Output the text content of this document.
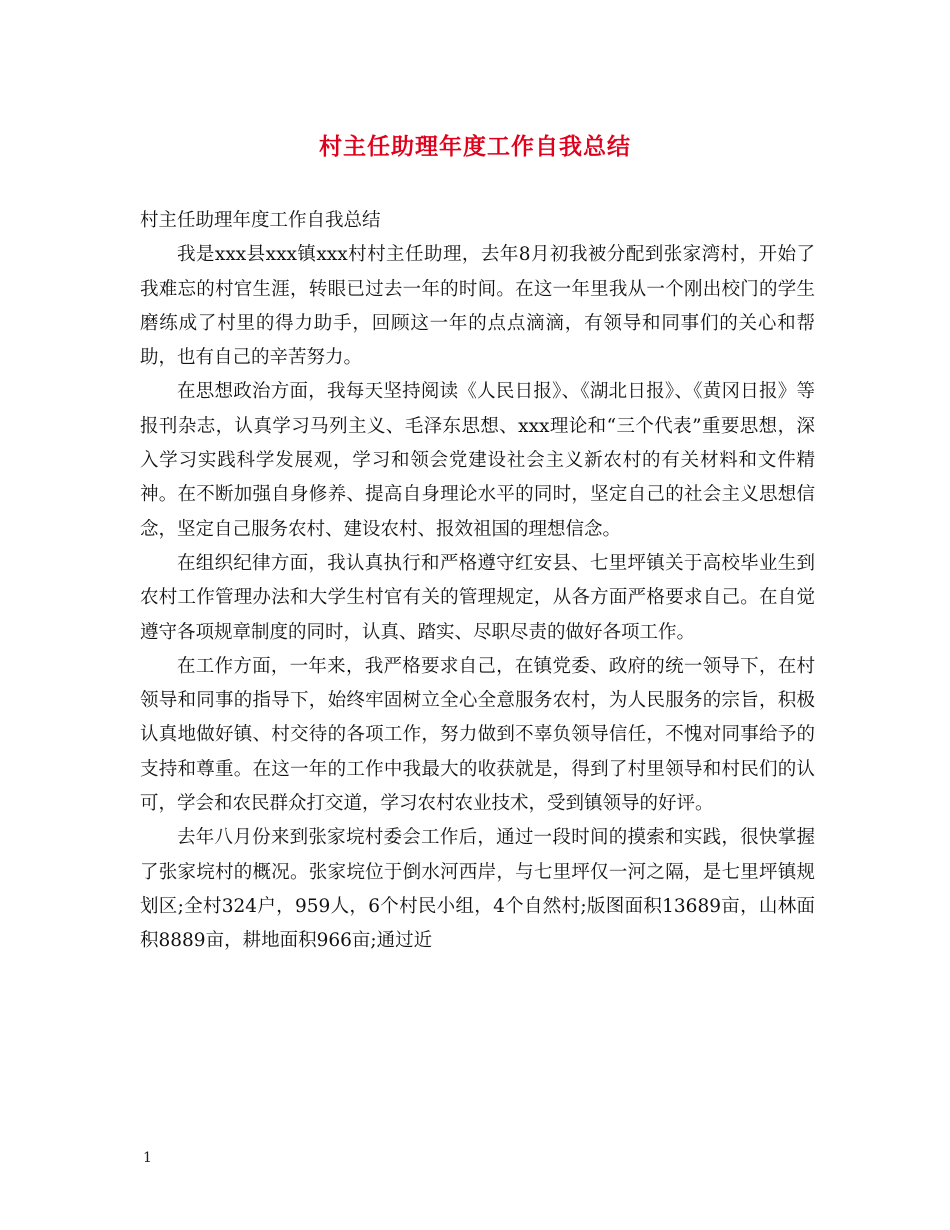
村主任助理年度工作自我总结

村主任助理年度工作自我总结

我是xxx县xxx镇xxx村村主任助理，去年8月初我被分配到张家湾村，开始了我难忘的村官生涯，转眼已过去一年的时间。在这一年里我从一个刚出校门的学生磨练成了村里的得力助手，回顾这一年的点点滴滴，有领导和同事们的关心和帮助，也有自己的辛苦努力。

在思想政治方面，我每天坚持阅读《人民日报》、《湖北日报》、《黄冈日报》等报刊杂志，认真学习马列主义、毛泽东思想、xxx理论和“三个代表”重要思想，深入学习实践科学发展观，学习和领会党建设社会主义新农村的有关材料和文件精神。在不断加强自身修养、提高自身理论水平的同时，坚定自己的社会主义思想信念，坚定自己服务农村、建设农村、报效祖国的理想信念。

在组织纪律方面，我认真执行和严格遵守红安县、七里坪镇关于高校毕业生到农村工作管理办法和大学生村官有关的管理规定，从各方面严格要求自己。在自觉遵守各项规章制度的同时，认真、踏实、尽职尽责的做好各项工作。

在工作方面，一年来，我严格要求自己，在镇党委、政府的统一领导下，在村领导和同事的指导下，始终牢固树立全心全意服务农村，为人民服务的宗旨，积极认真地做好镇、村交待的各项工作，努力做到不辜负领导信任，不愧对同事给予的支持和尊重。在这一年的工作中我最大的收获就是，得到了村里领导和村民们的认可，学会和农民群众打交道，学习农村农业技术，受到镇领导的好评。

去年八月份来到张家垸村委会工作后，通过一段时间的摸索和实践，很快掌握了张家垸村的概况。张家垸位于倒水河西岸，与七里坪仅一河之隔，是七里坪镇规划区;全村324户，959人，6个村民小组，4个自然村;版图面积13689亩，山林面积8889亩，耕地面积966亩;通过近

1
